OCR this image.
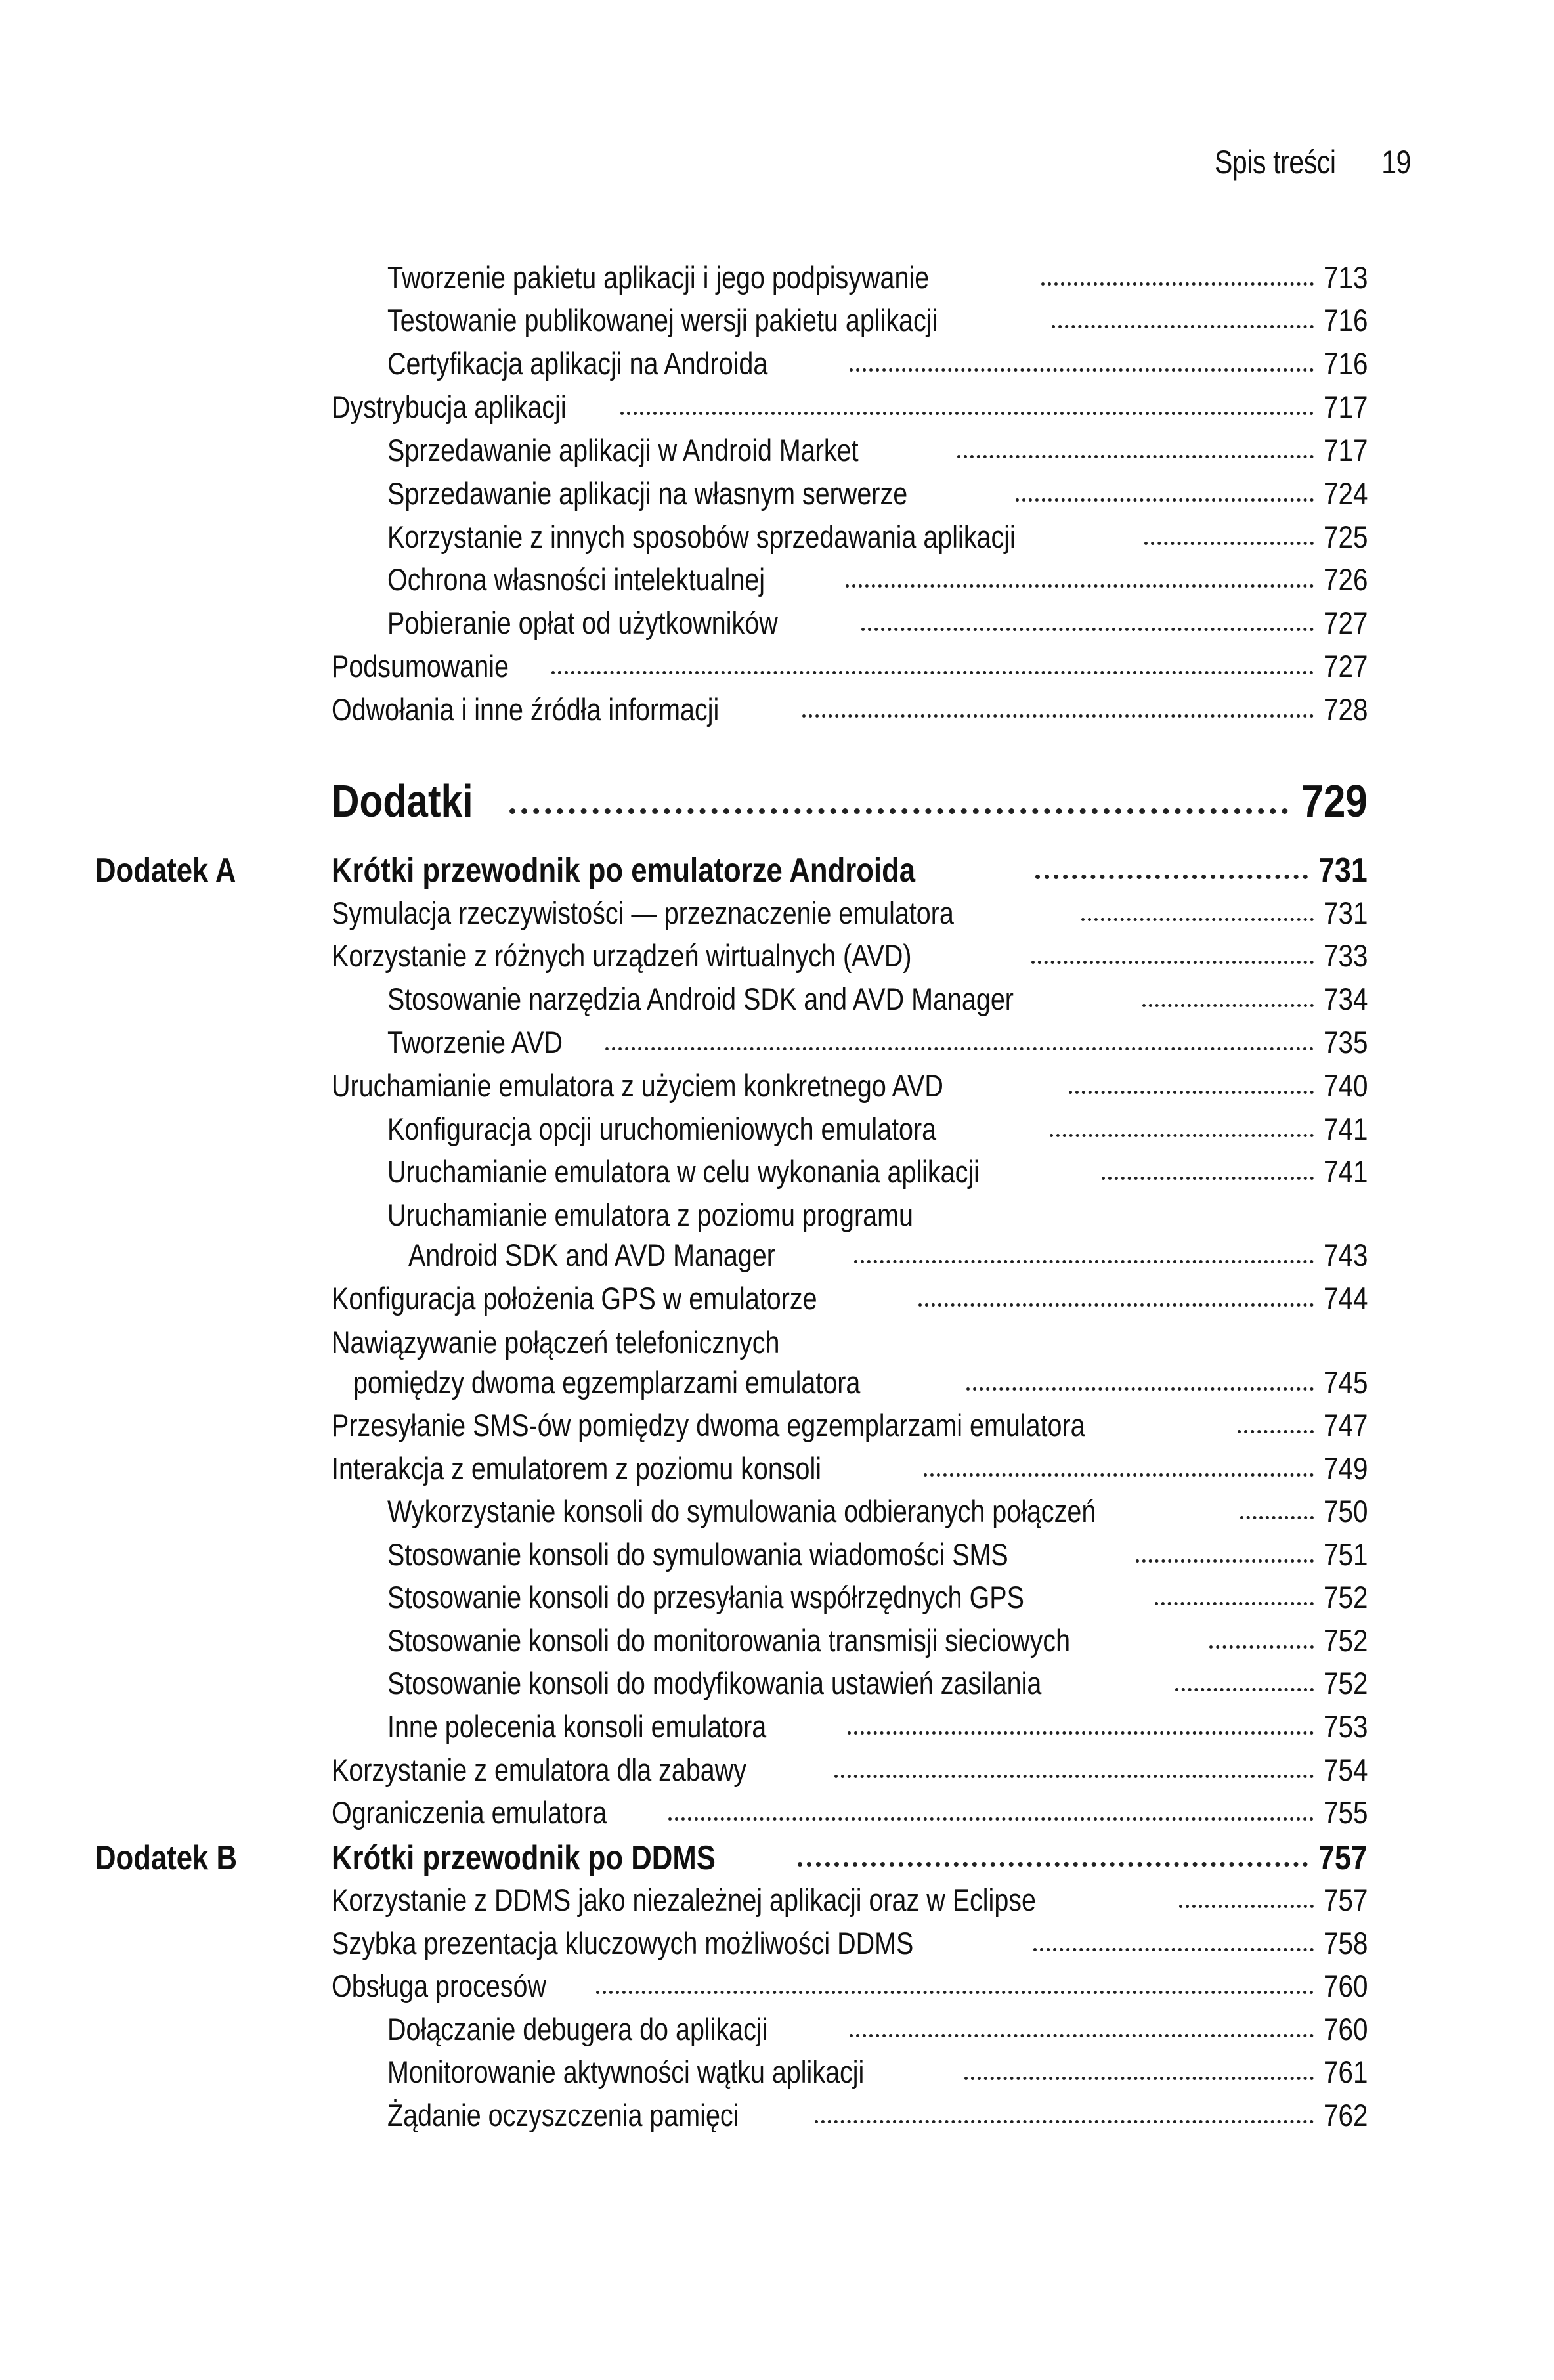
Spis treści 19
Tworzenie pakietu aplikacji i jego podpisywanie	713
Testowanie publikowanej wersji pakietu aplikacji	716
Certyfikacja aplikacji na Androida	716
Dystrybucja aplikacji	717
Sprzedawanie aplikacji w Android Market	717
Sprzedawanie aplikacji na własnym serwerze	724
Korzystanie z innych sposobów sprzedawania aplikacji	725
Ochrona własności intelektualnej	726
Pobieranie opłat od użytkowników	727
Podsumowanie	727
Odwołania i inne źródła informacji	728
Dodatki	729
Dodatek A	Krótki przewodnik po emulatorze Androida	731
Symulacja rzeczywistości — przeznaczenie emulatora	731
Korzystanie z różnych urządzeń wirtualnych (AVD)	733
Stosowanie narzędzia Android SDK and AVD Manager	734
Tworzenie AVD	735
Uruchamianie emulatora z użyciem konkretnego AVD	740
Konfiguracja opcji uruchomieniowych emulatora	741
Uruchamianie emulatora w celu wykonania aplikacji	741
Uruchamianie emulatora z poziomu programu
Android SDK and AVD Manager	743
Konfiguracja położenia GPS w emulatorze	744
Nawiązywanie połączeń telefonicznych
pomiędzy dwoma egzemplarzami emulatora	745
Przesyłanie SMS-ów pomiędzy dwoma egzemplarzami emulatora	747
Interakcja z emulatorem z poziomu konsoli	749
Wykorzystanie konsoli do symulowania odbieranych połączeń	750
Stosowanie konsoli do symulowania wiadomości SMS	751
Stosowanie konsoli do przesyłania współrzędnych GPS	752
Stosowanie konsoli do monitorowania transmisji sieciowych	752
Stosowanie konsoli do modyfikowania ustawień zasilania	752
Inne polecenia konsoli emulatora	753
Korzystanie z emulatora dla zabawy	754
Ograniczenia emulatora	755
Dodatek B	Krótki przewodnik po DDMS	757
Korzystanie z DDMS jako niezależnej aplikacji oraz w Eclipse	757
Szybka prezentacja kluczowych możliwości DDMS	758
Obsługa procesów	760
Dołączanie debugera do aplikacji	760
Monitorowanie aktywności wątku aplikacji	761
Żądanie oczyszczenia pamięci	762
